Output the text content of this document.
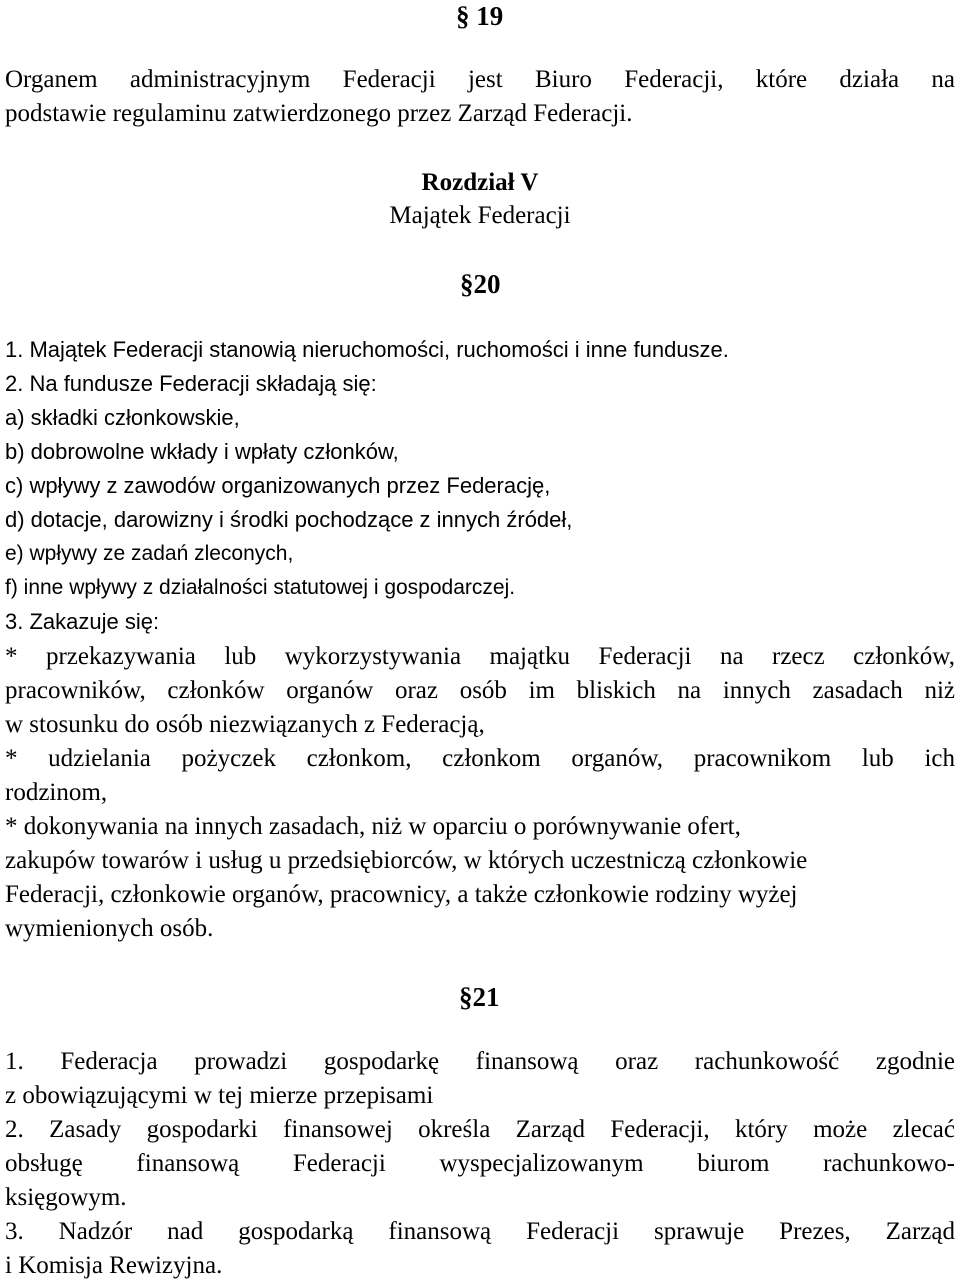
§ 19
Organem administracyjnym Federacji jest Biuro Federacji, które działa na
podstawie regulaminu zatwierdzonego przez Zarząd Federacji.
Rozdział V
Majątek Federacji
§20
1. Majątek Federacji stanowią nieruchomości, ruchomości i inne fundusze.
2. Na fundusze Federacji składają się:
a) składki członkowskie,
b) dobrowolne wkłady i wpłaty członków,
c) wpływy z zawodów organizowanych przez Federację,
d) dotacje, darowizny i środki pochodzące z innych źródeł,
e) wpływy ze zadań zleconych,
f) inne wpływy z działalności statutowej i gospodarczej.
3. Zakazuje się:
* przekazywania lub wykorzystywania majątku Federacji na rzecz członków,
pracowników, członków organów oraz osób im bliskich na innych zasadach niż
w stosunku do osób niezwiązanych z Federacją,
* udzielania pożyczek członkom, członkom organów, pracownikom lub ich
rodzinom,
* dokonywania na innych zasadach, niż w oparciu o porównywanie ofert,
zakupów towarów i usług u przedsiębiorców, w których uczestniczą członkowie
Federacji, członkowie organów, pracownicy, a także członkowie rodziny wyżej
wymienionych osób.
§21
1. Federacja prowadzi gospodarkę finansową oraz rachunkowość zgodnie
z obowiązującymi w tej mierze przepisami
2. Zasady gospodarki finansowej określa Zarząd Federacji, który może zlecać
obsługę finansową Federacji wyspecjalizowanym biurom rachunkowo-
księgowym.
3. Nadzór nad gospodarką finansową Federacji sprawuje Prezes, Zarząd
i Komisja Rewizyjna.
